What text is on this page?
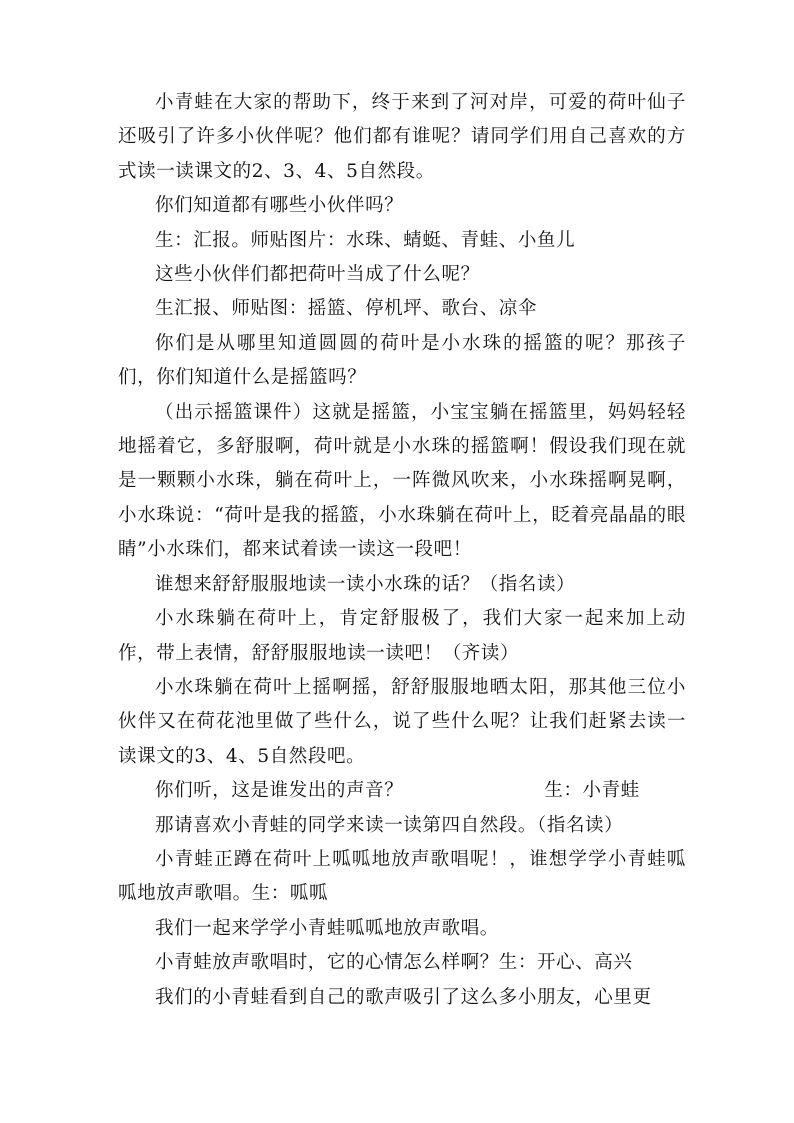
小青蛙在大家的帮助下，终于来到了河对岸，可爱的荷叶仙子还吸引了许多小伙伴呢？他们都有谁呢？请同学们用自己喜欢的方式读一读课文的2、3、4、5自然段。

你们知道都有哪些小伙伴吗？

生：汇报。师贴图片：水珠、蜻蜓、青蛙、小鱼儿

这些小伙伴们都把荷叶当成了什么呢？

生汇报、师贴图：摇篮、停机坪、歌台、凉伞

你们是从哪里知道圆圆的荷叶是小水珠的摇篮的呢？那孩子们，你们知道什么是摇篮吗？

（出示摇篮课件）这就是摇篮，小宝宝躺在摇篮里，妈妈轻轻地摇着它，多舒服啊，荷叶就是小水珠的摇篮啊！假设我们现在就是一颗颗小水珠，躺在荷叶上，一阵微风吹来，小水珠摇啊晃啊，小水珠说：“荷叶是我的摇篮，小水珠躺在荷叶上，眨着亮晶晶的眼睛”小水珠们，都来试着读一读这一段吧！

谁想来舒舒服服地读一读小水珠的话？（指名读）

小水珠躺在荷叶上，肯定舒服极了，我们大家一起来加上动作，带上表情，舒舒服服地读一读吧！（齐读）

小水珠躺在荷叶上摇啊摇，舒舒服服地晒太阳，那其他三位小伙伴又在荷花池里做了些什么，说了些什么呢？让我们赶紧去读一读课文的3、4、5自然段吧。

你们听，这是谁发出的声音？	生：小青蛙

那请喜欢小青蛙的同学来读一读第四自然段。（指名读）

小青蛙正蹲在荷叶上呱呱地放声歌唱呢！，谁想学学小青蛙呱呱地放声歌唱。生：呱呱

我们一起来学学小青蛙呱呱地放声歌唱。

小青蛙放声歌唱时，它的心情怎么样啊？生：开心、高兴

我们的小青蛙看到自己的歌声吸引了这么多小朋友，心里更
